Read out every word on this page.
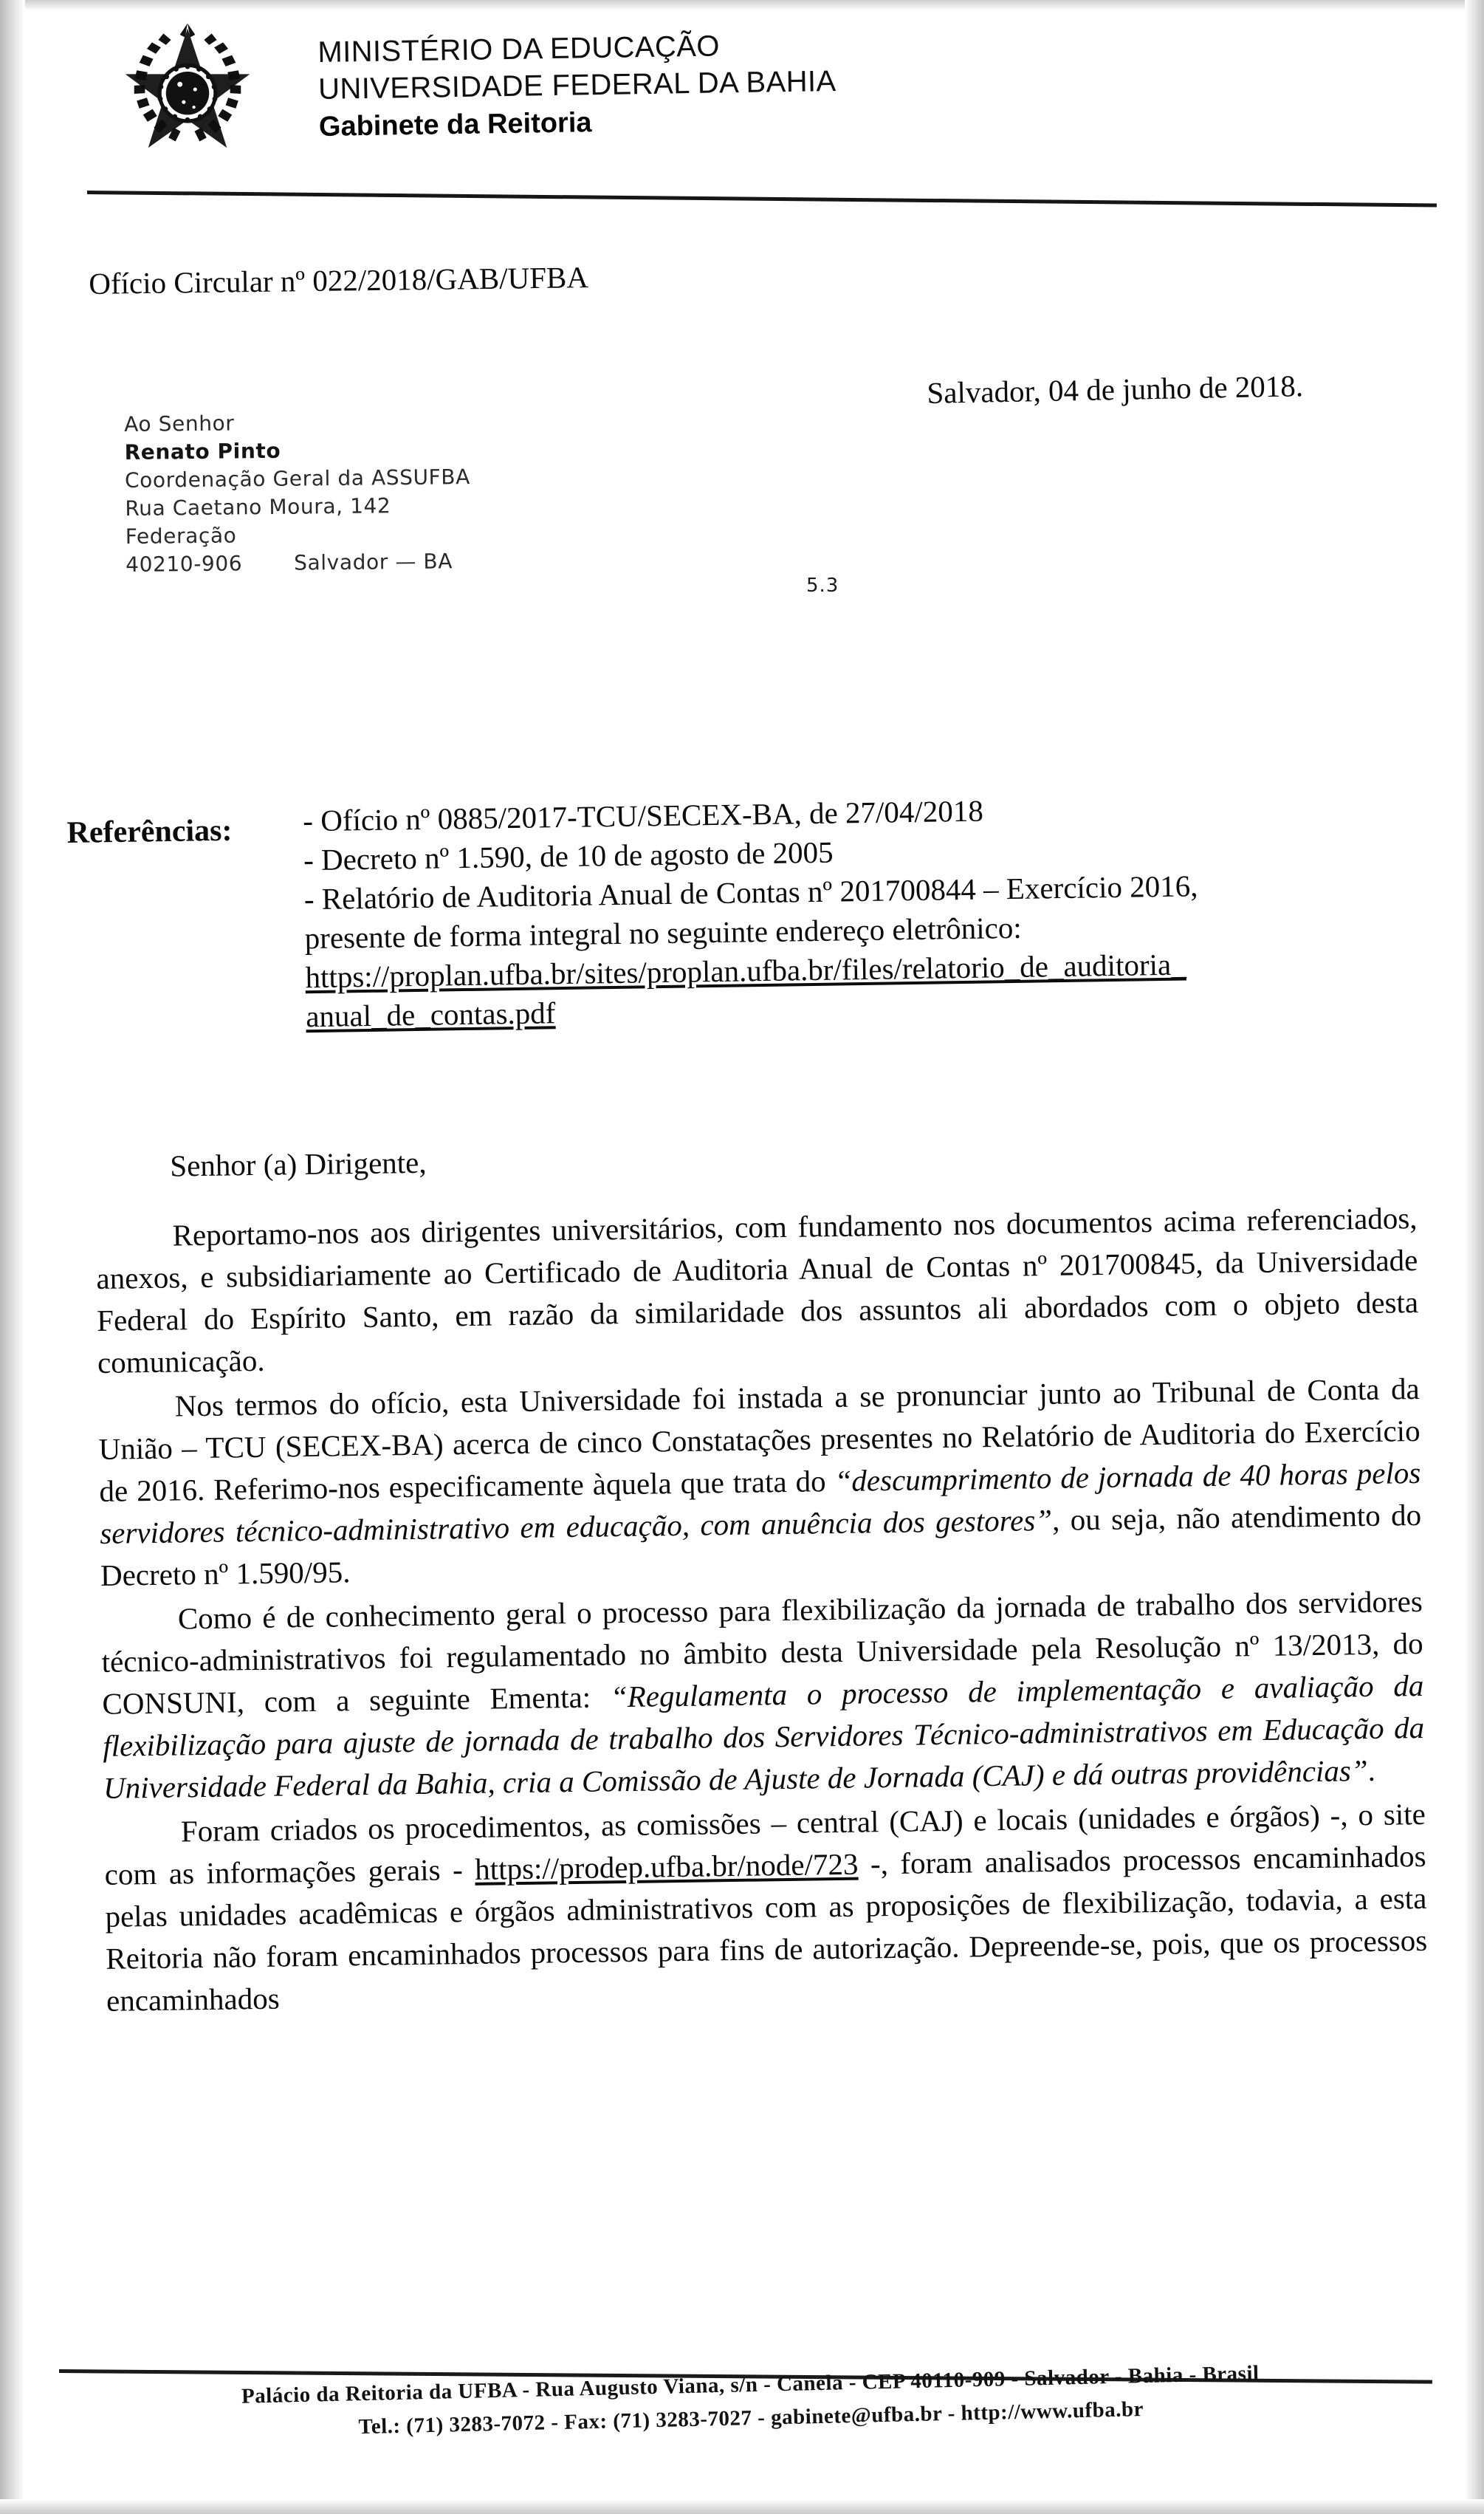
MINISTÉRIO DA EDUCAÇÃO
UNIVERSIDADE FEDERAL DA BAHIA
Gabinete da Reitoria
Ofício Circular nº 022/2018/GAB/UFBA
Salvador, 04 de junho de 2018.
Ao Senhor
Renato Pinto
Coordenação Geral da ASSUFBA
Rua Caetano Moura, 142
Federação
40210-906 Salvador — BA
5.3
Referências: - Ofício nº 0885/2017-TCU/SECEX-BA, de 27/04/2018
- Decreto nº 1.590, de 10 de agosto de 2005
- Relatório de Auditoria Anual de Contas nº 201700844 – Exercício 2016,
presente de forma integral no seguinte endereço eletrônico:
https://proplan.ufba.br/sites/proplan.ufba.br/files/relatorio_de_auditoria_
anual_de_contas.pdf
Senhor (a) Dirigente,

Reportamo-nos aos dirigentes universitários, com fundamento nos documentos acima referenciados, anexos, e subsidiariamente ao Certificado de Auditoria Anual de Contas nº 201700845, da Universidade Federal do Espírito Santo, em razão da similaridade dos assuntos ali abordados com o objeto desta comunicação.

Nos termos do ofício, esta Universidade foi instada a se pronunciar junto ao Tribunal de Conta da União – TCU (SECEX-BA) acerca de cinco Constatações presentes no Relatório de Auditoria do Exercício de 2016. Referimo-nos especificamente àquela que trata do “descumprimento de jornada de 40 horas pelos servidores técnico-administrativo em educação, com anuência dos gestores”, ou seja, não atendimento do Decreto nº 1.590/95.

Como é de conhecimento geral o processo para flexibilização da jornada de trabalho dos servidores técnico-administrativos foi regulamentado no âmbito desta Universidade pela Resolução nº 13/2013, do CONSUNI, com a seguinte Ementa: “Regulamenta o processo de implementação e avaliação da flexibilização para ajuste de jornada de trabalho dos Servidores Técnico-administrativos em Educação da Universidade Federal da Bahia, cria a Comissão de Ajuste de Jornada (CAJ) e dá outras providências”.

Foram criados os procedimentos, as comissões – central (CAJ) e locais (unidades e órgãos) -, o site com as informações gerais - https://prodep.ufba.br/node/723 -, foram analisados processos encaminhados pelas unidades acadêmicas e órgãos administrativos com as proposições de flexibilização, todavia, a esta Reitoria não foram encaminhados processos para fins de autorização. Depreende-se, pois, que os processos encaminhados

Palácio da Reitoria da UFBA - Rua Augusto Viana, s/n - Canela - CEP 40110-909 - Salvador - Bahia - Brasil
Tel.: (71) 3283-7072 - Fax: (71) 3283-7027 - gabinete@ufba.br - http://www.ufba.br
